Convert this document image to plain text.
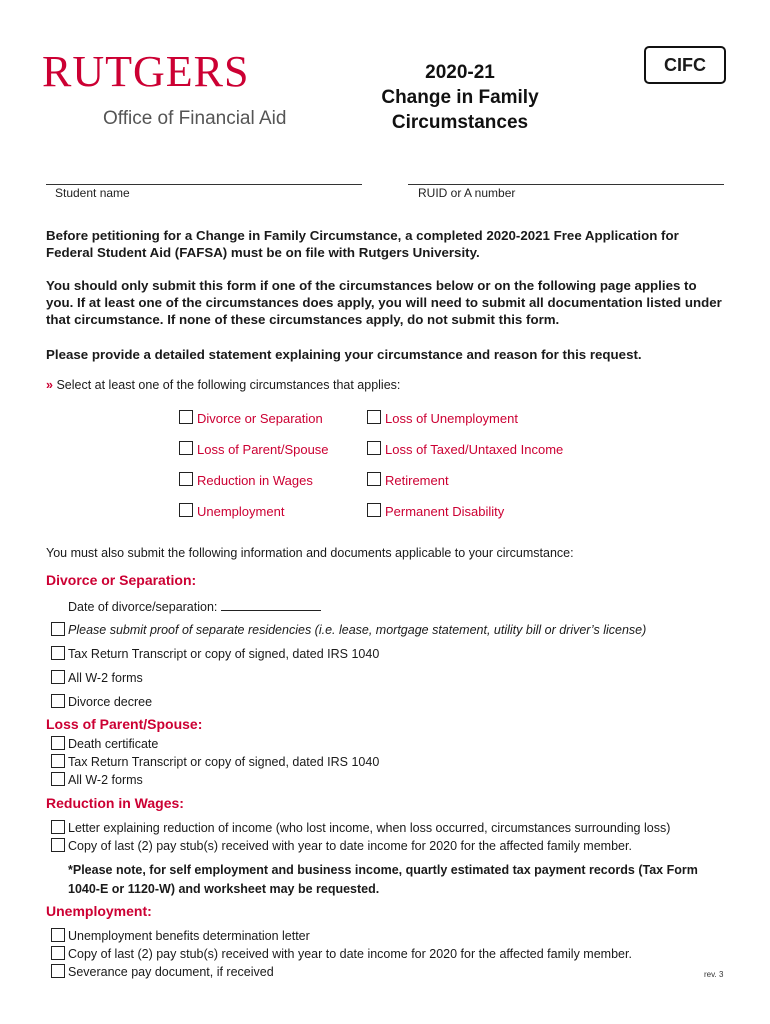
RUTGERS
Office of Financial Aid
2020-21
Change in Family
Circumstances
CIFC
Student name	RUID or A number
Before petitioning for a Change in Family Circumstance, a completed 2020-2021 Free Application for Federal Student Aid (FAFSA) must be on file with Rutgers University.
You should only submit this form if one of the circumstances below or on the following page applies to you. If at least one of the circumstances does apply, you will need to submit all documentation listed under that circumstance. If none of these circumstances apply, do not submit this form.
Please provide a detailed statement explaining your circumstance and reason for this request.
» Select at least one of the following circumstances that applies:
Divorce or Separation	Loss of Unemployment
Loss of Parent/Spouse	Loss of Taxed/Untaxed Income
Reduction in Wages	Retirement
Unemployment	Permanent Disability
You must also submit the following information and documents applicable to your circumstance:
Divorce or Separation:
Date of divorce/separation:
Please submit proof of separate residencies (i.e. lease, mortgage statement, utility bill or driver’s license)
Tax Return Transcript or copy of signed, dated IRS 1040
All W-2 forms
Divorce decree
Loss of Parent/Spouse:
Death certificate
Tax Return Transcript or copy of signed, dated IRS 1040
All W-2 forms
Reduction in Wages:
Letter explaining reduction of income (who lost income, when loss occurred, circumstances surrounding loss)
Copy of last (2) pay stub(s) received with year to date income for 2020 for the affected family member.
*Please note, for self employment and business income, quartly estimated tax payment records (Tax Form 1040-E or 1120-W) and worksheet may be requested.
Unemployment:
Unemployment benefits determination letter
Copy of last (2) pay stub(s) received with year to date income for 2020 for the affected family member.
Severance pay document, if received	rev. 3
